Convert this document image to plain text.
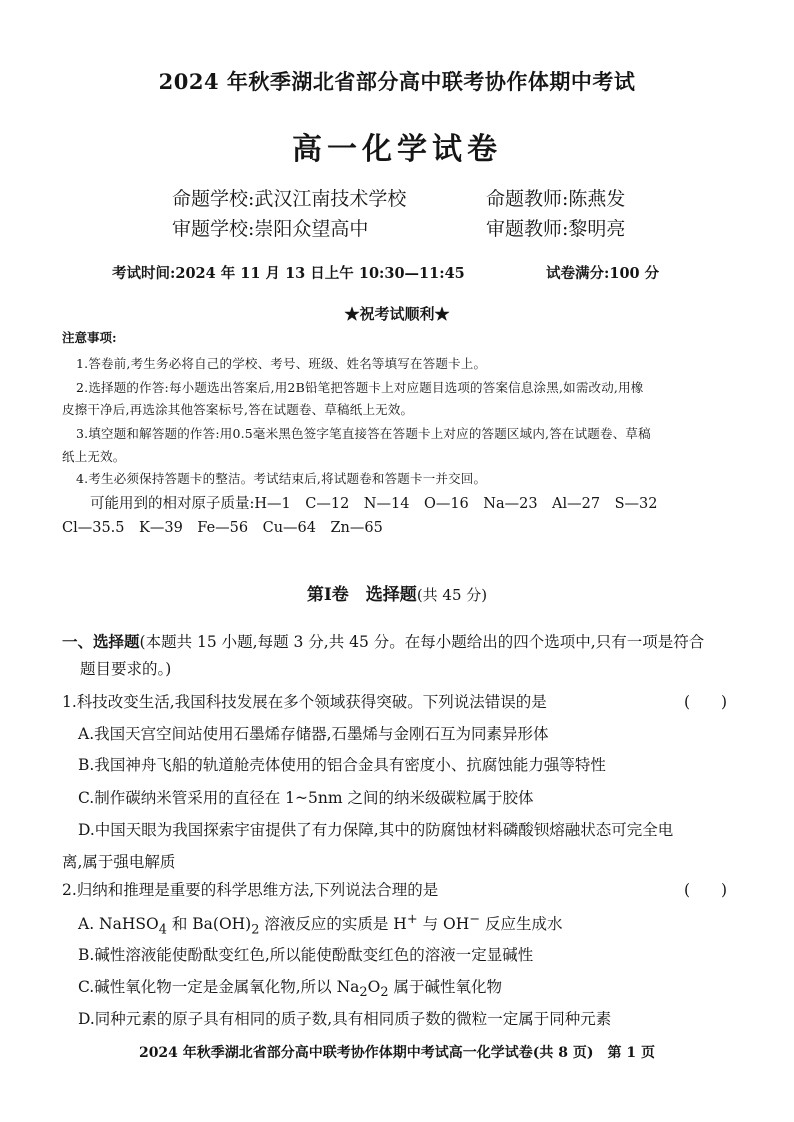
2024 年秋季湖北省部分高中联考协作体期中考试
高一化学试卷
命题学校:武汉江南技术学校	命题教师:陈燕发
审题学校:崇阳众望高中	审题教师:黎明亮
考试时间:2024 年 11 月 13 日上午 10:30—11:45	试卷满分:100 分
★祝考试顺利★
注意事项:
1.答卷前,考生务必将自己的学校、考号、班级、姓名等填写在答题卡上。
2.选择题的作答:每小题选出答案后,用2B铅笔把答题卡上对应题目选项的答案信息涂黑,如需改动,用橡
皮擦干净后,再选涂其他答案标号,答在试题卷、草稿纸上无效。
3.填空题和解答题的作答:用0.5毫米黑色签字笔直接答在答题卡上对应的答题区域内,答在试题卷、草稿
纸上无效。
4.考生必须保持答题卡的整洁。考试结束后,将试题卷和答题卡一并交回。
可能用到的相对原子质量:H—1　C—12　N—14　O—16　Na—23　Al—27　S—32
Cl—35.5　K—39　Fe—56　Cu—64　Zn—65
第Ⅰ卷　选择题(共 45 分)
一、选择题(本题共 15 小题,每题 3 分,共 45 分。在每小题给出的四个选项中,只有一项是符合
题目要求的。)
1.科技改变生活,我国科技发展在多个领域获得突破。下列说法错误的是	(　　)
A.我国天宫空间站使用石墨烯存储器,石墨烯与金刚石互为同素异形体
B.我国神舟飞船的轨道舱壳体使用的铝合金具有密度小、抗腐蚀能力强等特性
C.制作碳纳米管采用的直径在 1~5nm 之间的纳米级碳粒属于胶体
D.中国天眼为我国探索宇宙提供了有力保障,其中的防腐蚀材料磷酸钡熔融状态可完全电
离,属于强电解质
2.归纳和推理是重要的科学思维方法,下列说法合理的是	(　　)
A. NaHSO$_4$ 和 $Ba(OH)_2$ 溶液反应的实质是 H+ 与 OH− 反应生成水
B.碱性溶液能使酚酞变红色,所以能使酚酞变红色的溶液一定显碱性
C.碱性氧化物一定是金属氧化物,所以 $Na_2O_2$ 属于碱性氧化物
D.同种元素的原子具有相同的质子数,具有相同质子数的微粒一定属于同种元素
2024 年秋季湖北省部分高中联考协作体期中考试高一化学试卷(共 8 页)　第 1 页
